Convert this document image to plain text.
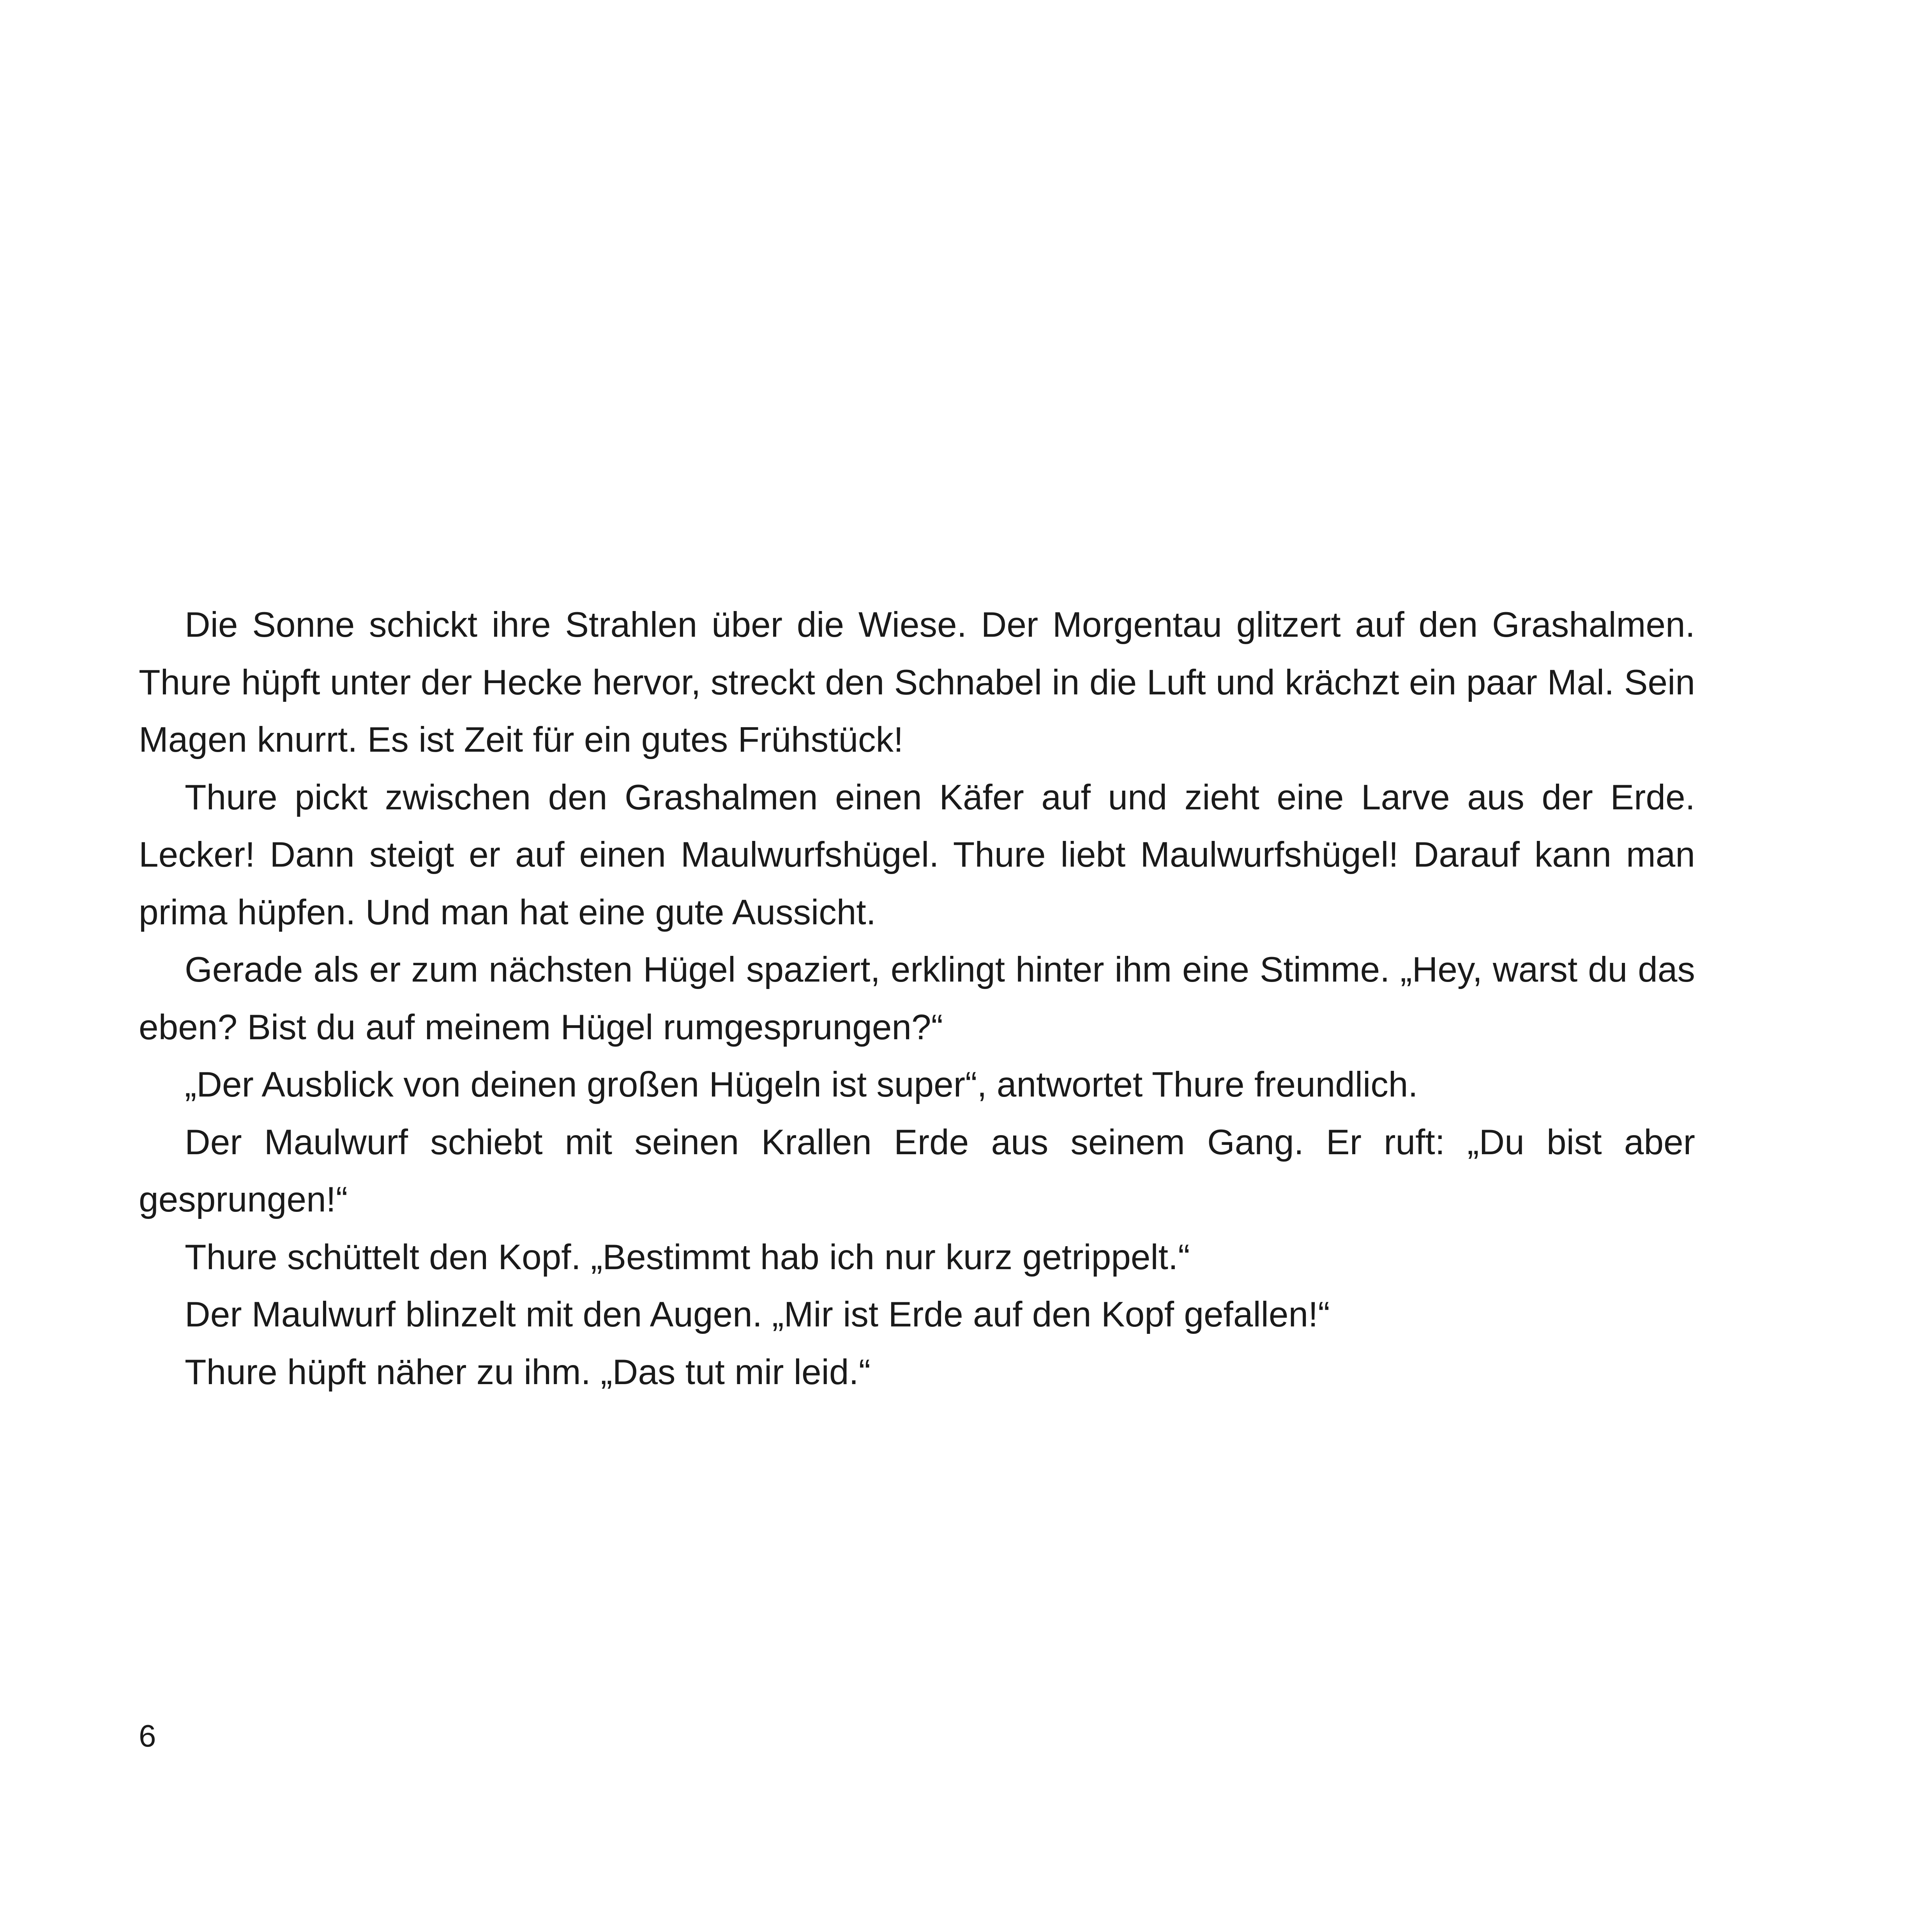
Die Sonne schickt ihre Strahlen über die Wiese. Der Morgentau glitzert auf den Grashalmen. Thure hüpft unter der Hecke hervor, streckt den Schnabel in die Luft und krächzt ein paar Mal. Sein Magen knurrt. Es ist Zeit für ein gutes Frühstück!

Thure pickt zwischen den Grashalmen einen Käfer auf und zieht eine Larve aus der Erde. Lecker! Dann steigt er auf einen Maulwurfshügel. Thure liebt Maulwurfshügel! Darauf kann man prima hüpfen. Und man hat eine gute Aussicht.

Gerade als er zum nächsten Hügel spaziert, erklingt hinter ihm eine Stimme. „Hey, warst du das eben? Bist du auf meinem Hügel rumgesprungen?“

„Der Ausblick von deinen großen Hügeln ist super“, antwortet Thure freundlich.

Der Maulwurf schiebt mit seinen Krallen Erde aus seinem Gang. Er ruft: „Du bist aber gesprungen!“

Thure schüttelt den Kopf. „Bestimmt hab ich nur kurz getrippelt.“

Der Maulwurf blinzelt mit den Augen. „Mir ist Erde auf den Kopf gefallen!“

Thure hüpft näher zu ihm. „Das tut mir leid.“

6
